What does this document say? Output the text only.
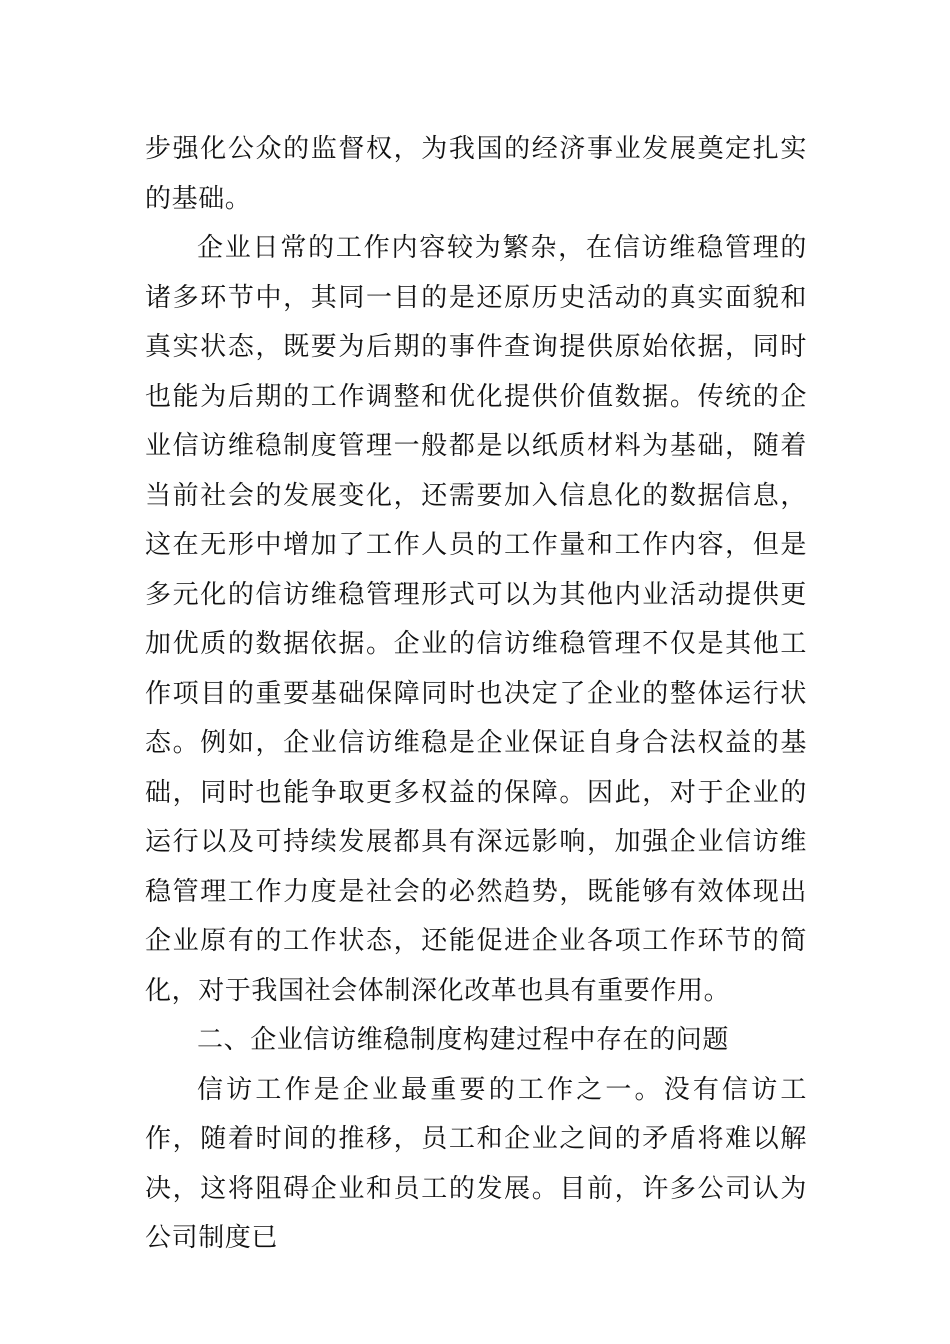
步强化公众的监督权，为我国的经济事业发展奠定扎实的基础。

企业日常的工作内容较为繁杂，在信访维稳管理的诸多环节中，其同一目的是还原历史活动的真实面貌和真实状态，既要为后期的事件查询提供原始依据，同时也能为后期的工作调整和优化提供价值数据。传统的企业信访维稳制度管理一般都是以纸质材料为基础，随着当前社会的发展变化，还需要加入信息化的数据信息，这在无形中增加了工作人员的工作量和工作内容，但是多元化的信访维稳管理形式可以为其他内业活动提供更加优质的数据依据。企业的信访维稳管理不仅是其他工作项目的重要基础保障同时也决定了企业的整体运行状态。例如，企业信访维稳是企业保证自身合法权益的基础，同时也能争取更多权益的保障。因此，对于企业的运行以及可持续发展都具有深远影响，加强企业信访维稳管理工作力度是社会的必然趋势，既能够有效体现出企业原有的工作状态，还能促进企业各项工作环节的简化，对于我国社会体制深化改革也具有重要作用。

二、企业信访维稳制度构建过程中存在的问题

信访工作是企业最重要的工作之一。没有信访工作，随着时间的推移，员工和企业之间的矛盾将难以解决，这将阻碍企业和员工的发展。目前，许多公司认为公司制度已
